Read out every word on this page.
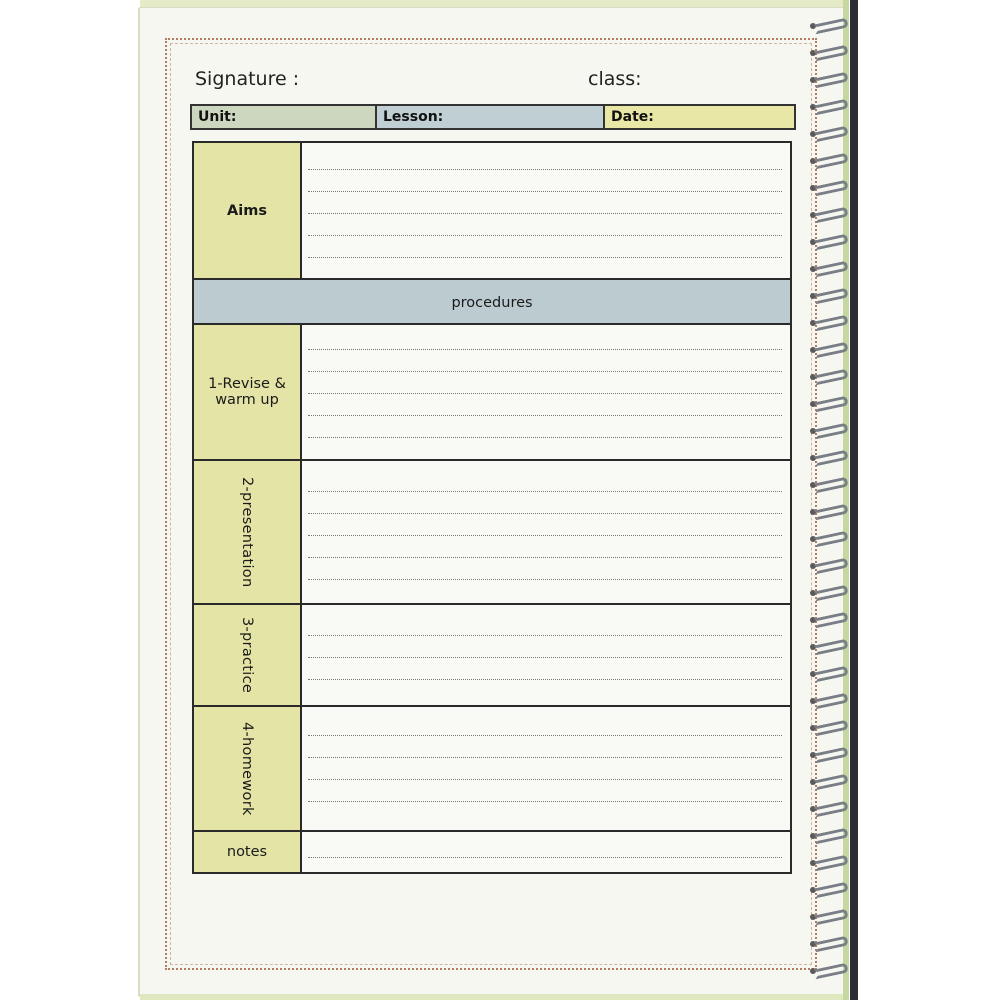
Signature :	class:
Unit:	Lesson:	Date:
Aims
procedures
1-Revise &
warm up
2-presentation
3-practice
4-homework
notes
